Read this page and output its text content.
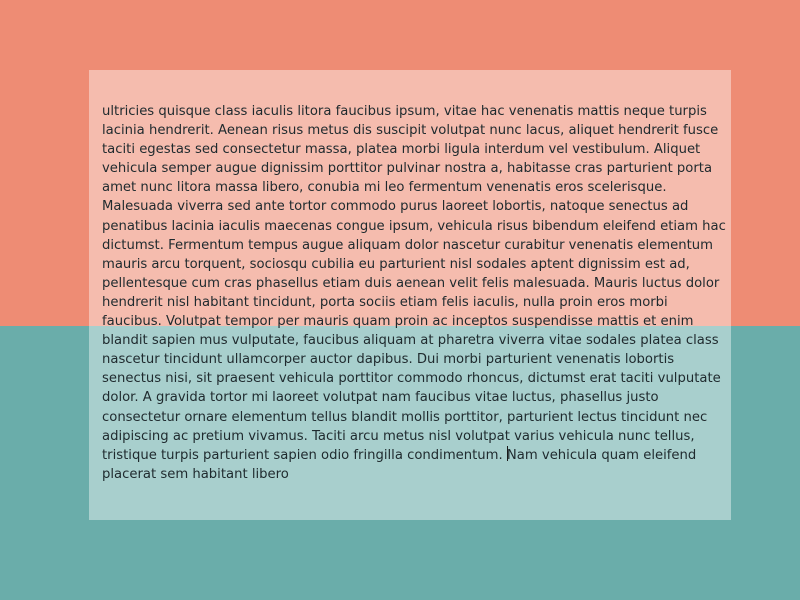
ultricies quisque class iaculis litora faucibus ipsum, vitae hac venenatis mattis neque turpis lacinia hendrerit. Aenean risus metus dis suscipit volutpat nunc lacus, aliquet hendrerit fusce taciti egestas sed consectetur massa, platea morbi ligula interdum vel vestibulum. Aliquet vehicula semper augue dignissim porttitor pulvinar nostra a, habitasse cras parturient porta amet nunc litora massa libero, conubia mi leo fermentum venenatis eros scelerisque. Malesuada viverra sed ante tortor commodo purus laoreet lobortis, natoque senectus ad penatibus lacinia iaculis maecenas congue ipsum, vehicula risus bibendum eleifend etiam hac dictumst. Fermentum tempus augue aliquam dolor nascetur curabitur venenatis elementum mauris arcu torquent, sociosqu cubilia eu parturient nisl sodales aptent dignissim est ad, pellentesque cum cras phasellus etiam duis aenean velit felis malesuada. Mauris luctus dolor hendrerit nisl habitant tincidunt, porta sociis etiam felis iaculis, nulla proin eros morbi faucibus. Volutpat tempor per mauris quam proin ac inceptos suspendisse mattis et enim blandit sapien mus vulputate, faucibus aliquam at pharetra viverra vitae sodales platea class nascetur tincidunt ullamcorper auctor dapibus. Dui morbi parturient venenatis lobortis senectus nisi, sit praesent vehicula porttitor commodo rhoncus, dictumst erat taciti vulputate dolor. A gravida tortor mi laoreet volutpat nam faucibus vitae luctus, phasellus justo consectetur ornare elementum tellus blandit mollis porttitor, parturient lectus tincidunt nec adipiscing ac pretium vivamus. Taciti arcu metus nisl volutpat varius vehicula nunc tellus, tristique turpis parturient sapien odio fringilla condimentum. Nam vehicula quam eleifend placerat sem habitant libero
